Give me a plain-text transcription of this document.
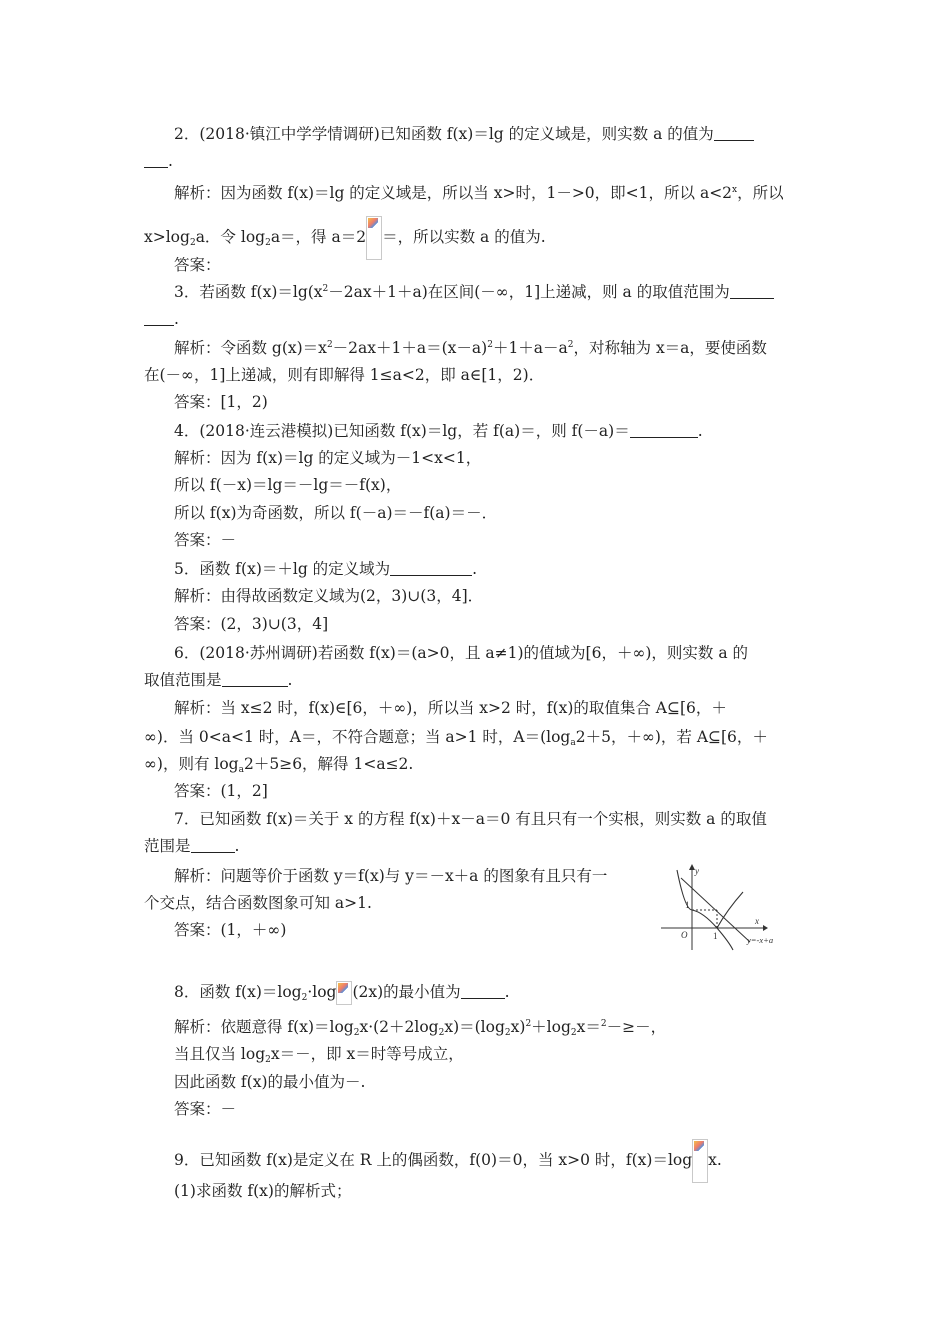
2．(2018·镇江中学学情调研)已知函数 f(x)＝lg 的定义域是，则实数 a 的值为
.
解析：因为函数 f(x)＝lg 的定义域是，所以当 x>时，1－>0，即<1，所以 $a<2^x$，所以
$x>\log_2a$．令 $\log_2a=$，得 a＝2 ＝，所以实数 a 的值为.
答案：
3．若函数 $f(x)=\lg(x^2-2ax+1+a)$在区间(－∞，1]上递减，则 a 的取值范围为
.
解析：令函数 $g(x)=x^2-2ax+1+a=(x-a)^2+1+a-a^2$，对称轴为 x＝a，要使函数
在(－∞，1]上递减，则有即解得 1≤a<2，即 a∈[1，2)．
答案：[1，2)
4．(2018·连云港模拟)已知函数 f(x)＝lg，若 f(a)＝，则 f(－a)＝	.
解析：因为 f(x)＝lg 的定义域为－1<x<1，
所以 f(－x)＝lg＝－lg＝－f(x)，
所以 f(x)为奇函数，所以 f(－a)＝－f(a)＝－．
答案：－
5．函数 f(x)＝＋lg 的定义域为	.
解析：由得故函数定义域为(2，3)∪(3，4]．
答案：(2，3)∪(3，4]
6．(2018·苏州调研)若函数 f(x)＝(a>0，且 a≠1)的值域为[6，＋∞)，则实数 a 的
取值范围是	.
解析：当 x≤2 时，f(x)∈[6，＋∞)，所以当 x>2 时，f(x)的取值集合 A⊆[6，＋
∞)．当 0<a<1 时，A＝，不符合题意；当 a>1 时，$A=(\log_a2+5$，＋∞)，若 A⊆[6，＋
∞)，则有 $\log_a2+5\ge 6$，解得 1<a≤2.
答案：(1，2]
7．已知函数 f(x)＝关于 x 的方程 f(x)＋x－a＝0 有且只有一个实根，则实数 a 的取值
范围是	.
解析：问题等价于函数 y＝f(x)与 y＝－x＋a 的图象有且只有一
个交点，结合函数图象可知 a>1.
答案：(1，＋∞)
y
x
O	1
1
y=-x+a
8．函数 $f(x)=\log_2\cdot\log$ (2x)的最小值为	.
解析：依题意得 $f(x)=\log_2x\cdot(2+2\log_2x)=(\log_2x)^2+\log_2x=^2-\ge-$，
当且仅当 $\log_2x=-$，即 x＝时等号成立，
因此函数 f(x)的最小值为－.
答案：－
9．已知函数 f(x)是定义在 R 上的偶函数，f(0)＝0，当 x>0 时，f(x)＝log x.
(1)求函数 f(x)的解析式；
